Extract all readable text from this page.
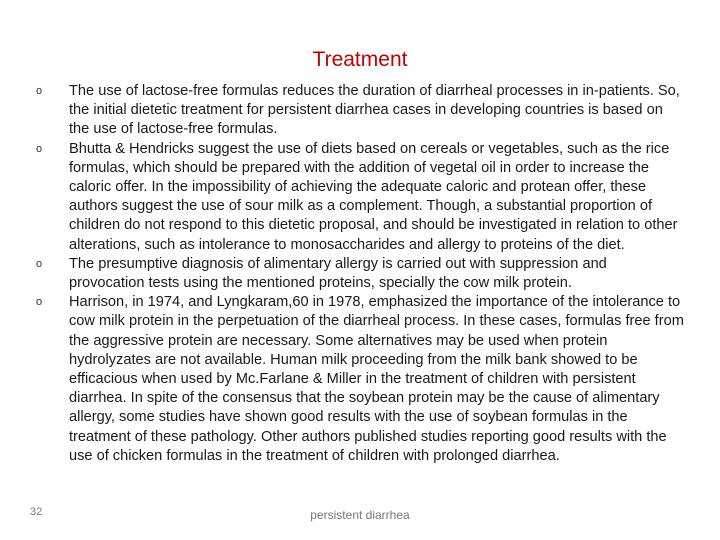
Treatment
o The use of lactose-free formulas reduces the duration of diarrheal processes in in-patients. So, the initial dietetic treatment for persistent diarrhea cases in developing countries is based on the use of lactose-free formulas.
o Bhutta & Hendricks suggest the use of diets based on cereals or vegetables, such as the rice formulas, which should be prepared with the addition of vegetal oil in order to increase the caloric offer. In the impossibility of achieving the adequate caloric and protean offer, these authors suggest the use of sour milk as a complement. Though, a substantial proportion of children do not respond to this dietetic proposal, and should be investigated in relation to other alterations, such as intolerance to monosaccharides and allergy to proteins of the diet.
o The presumptive diagnosis of alimentary allergy is carried out with suppression and provocation tests using the mentioned proteins, specially the cow milk protein.
o Harrison, in 1974, and Lyngkaram,60 in 1978, emphasized the importance of the intolerance to cow milk protein in the perpetuation of the diarrheal process. In these cases, formulas free from the aggressive protein are necessary. Some alternatives may be used when protein hydrolyzates are not available. Human milk proceeding from the milk bank showed to be efficacious when used by Mc.Farlane & Miller in the treatment of children with persistent diarrhea. In spite of the consensus that the soybean protein may be the cause of alimentary allergy, some studies have shown good results with the use of soybean formulas in the treatment of these pathology. Other authors published studies reporting good results with the use of chicken formulas in the treatment of children with prolonged diarrhea.
32	persistent diarrhea
